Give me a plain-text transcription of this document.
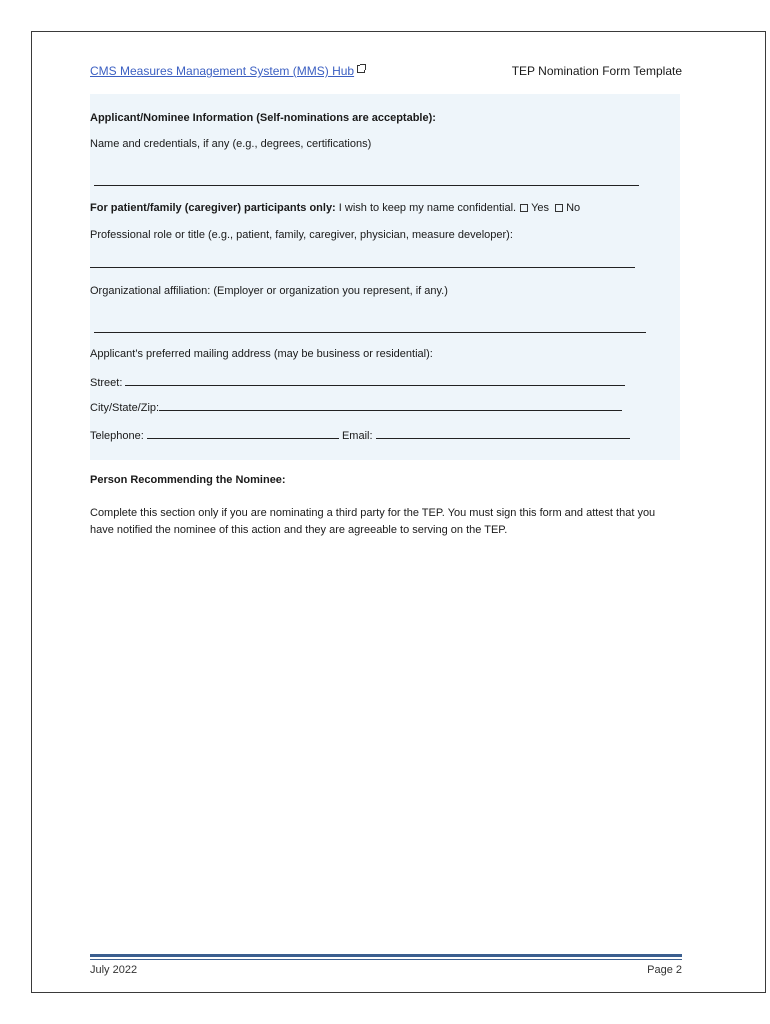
CMS Measures Management System (MMS) Hub	TEP Nomination Form Template
Applicant/Nominee Information (Self-nominations are acceptable):
Name and credentials, if any (e.g., degrees, certifications)
For patient/family (caregiver) participants only: I wish to keep my name confidential. Yes No
Professional role or title (e.g., patient, family, caregiver, physician, measure developer):
Organizational affiliation: (Employer or organization you represent, if any.)
Applicant’s preferred mailing address (may be business or residential):
Street:
City/State/Zip:
Telephone:	Email:
Person Recommending the Nominee:
Complete this section only if you are nominating a third party for the TEP. You must sign this form and attest that you have notified the nominee of this action and they are agreeable to serving on the TEP.
July 2022	Page 2
